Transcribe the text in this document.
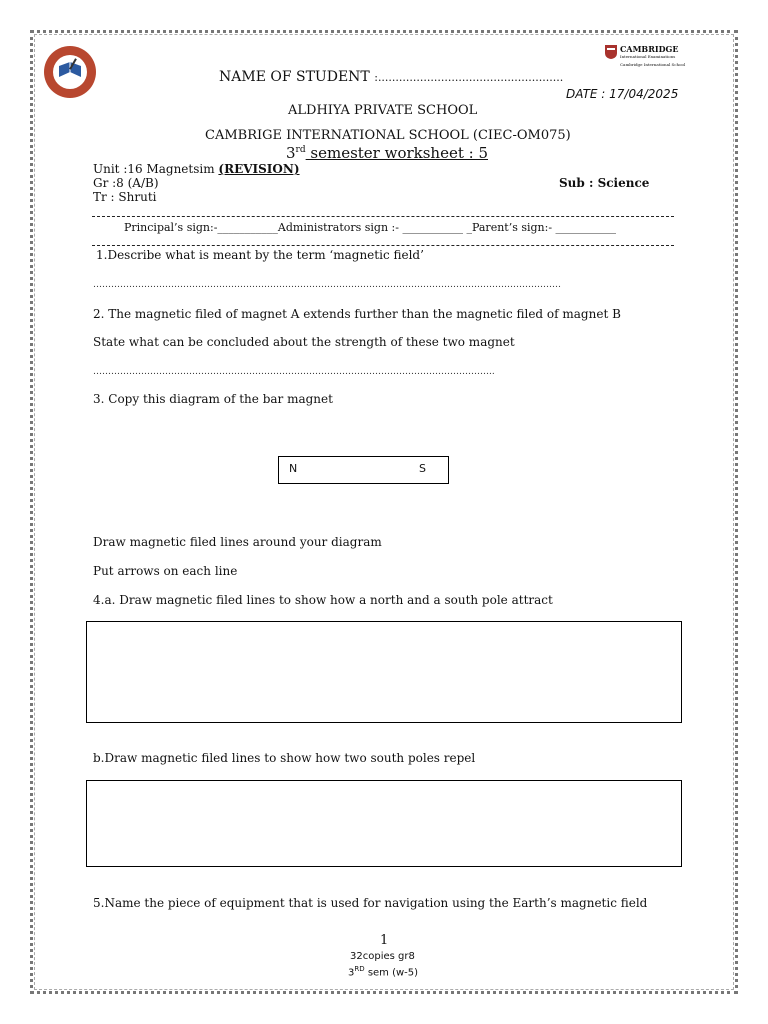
CAMBRIDGE
International Examinations
Cambridge International School
NAME OF STUDENT :.....................................................
DATE : 17/04/2025
ALDHIYA PRIVATE SCHOOL
CAMBRIGE INTERNATIONAL SCHOOL (CIEC-OM075)
3rd semester worksheet : 5
Unit :16 Magnetsim (REVISION)
Gr :8 (A/B)	Sub : Science
Tr : Shruti
Principal’s sign:-___________Administrators sign :- ___________ _Parent’s sign:- ___________
1.Describe what is meant by the term ‘magnetic field’
…………………………………………………………………………………………………………………………………………
2. The magnetic filed of magnet A extends further than the magnetic filed of magnet B
State what can be concluded about the strength of these two magnet
……………………………………………………………………………………………………………………..
3. Copy this diagram of the bar magnet
N	S
Draw magnetic filed lines around your diagram
Put arrows on each line
4.a. Draw magnetic filed lines to show how a north and a south pole attract
b.Draw magnetic filed lines to show how two south poles repel
5.Name the piece of equipment that is used for navigation using the Earth’s magnetic field
1
32copies gr8
3RD sem (w-5)
